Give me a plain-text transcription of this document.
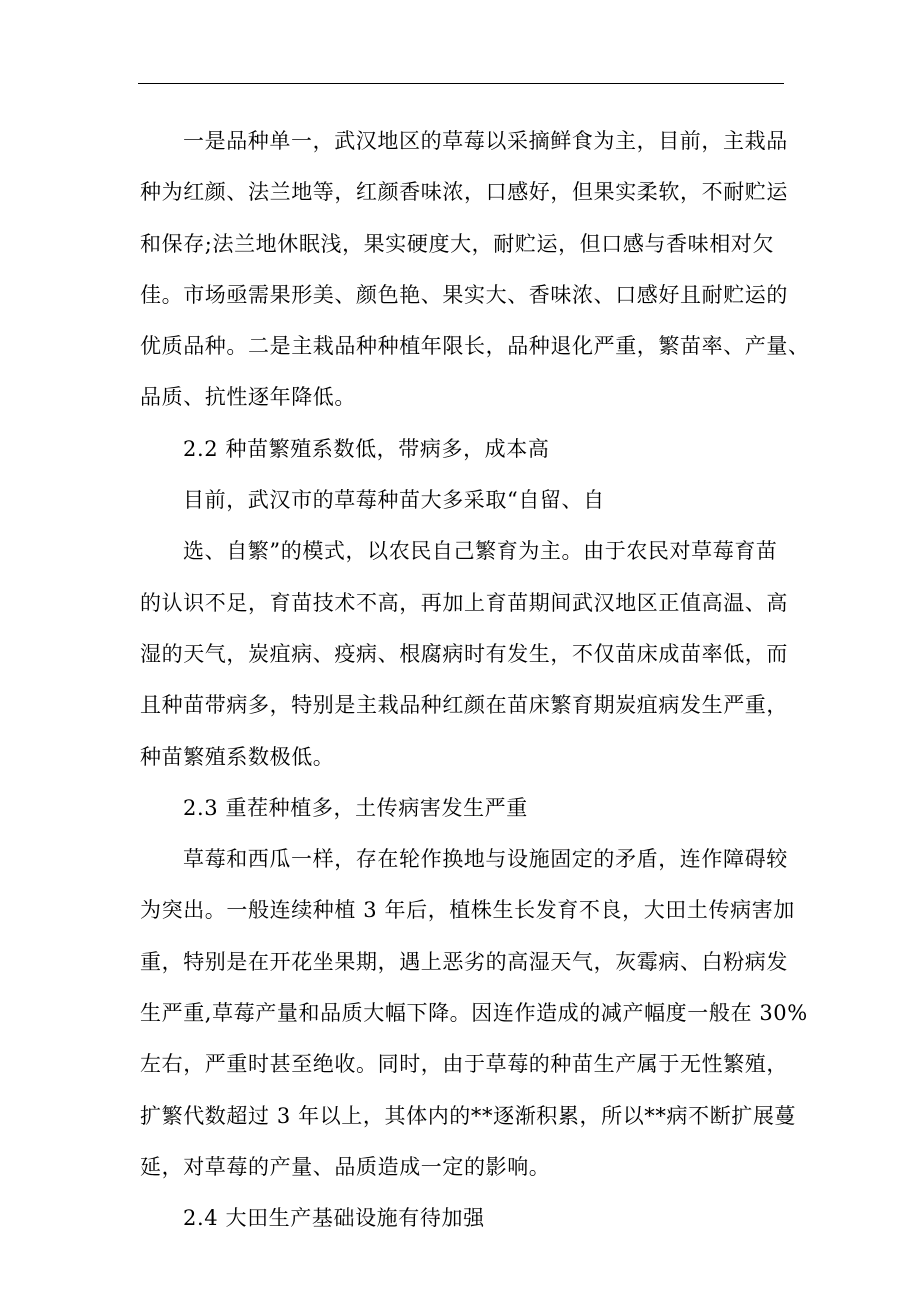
一是品种单一，武汉地区的草莓以采摘鲜食为主，目前，主栽品
种为红颜、法兰地等，红颜香味浓，口感好，但果实柔软，不耐贮运
和保存;法兰地休眠浅，果实硬度大，耐贮运，但口感与香味相对欠
佳。市场亟需果形美、颜色艳、果实大、香味浓、口感好且耐贮运的
优质品种。二是主栽品种种植年限长，品种退化严重，繁苗率、产量、
品质、抗性逐年降低。
2.2 种苗繁殖系数低，带病多，成本高
目前，武汉市的草莓种苗大多采取“自留、自
选、自繁”的模式，以农民自己繁育为主。由于农民对草莓育苗
的认识不足，育苗技术不高，再加上育苗期间武汉地区正值高温、高
湿的天气，炭疽病、疫病、根腐病时有发生，不仅苗床成苗率低，而
且种苗带病多，特别是主栽品种红颜在苗床繁育期炭疽病发生严重，
种苗繁殖系数极低。
2.3 重茬种植多，土传病害发生严重
草莓和西瓜一样，存在轮作换地与设施固定的矛盾，连作障碍较
为突出。一般连续种植 3 年后，植株生长发育不良，大田土传病害加
重，特别是在开花坐果期，遇上恶劣的高湿天气，灰霉病、白粉病发
生严重,草莓产量和品质大幅下降。因连作造成的减产幅度一般在 30%
左右，严重时甚至绝收。同时，由于草莓的种苗生产属于无性繁殖，
扩繁代数超过 3 年以上，其体内的**逐渐积累，所以**病不断扩展蔓
延，对草莓的产量、品质造成一定的影响。
2.4 大田生产基础设施有待加强
